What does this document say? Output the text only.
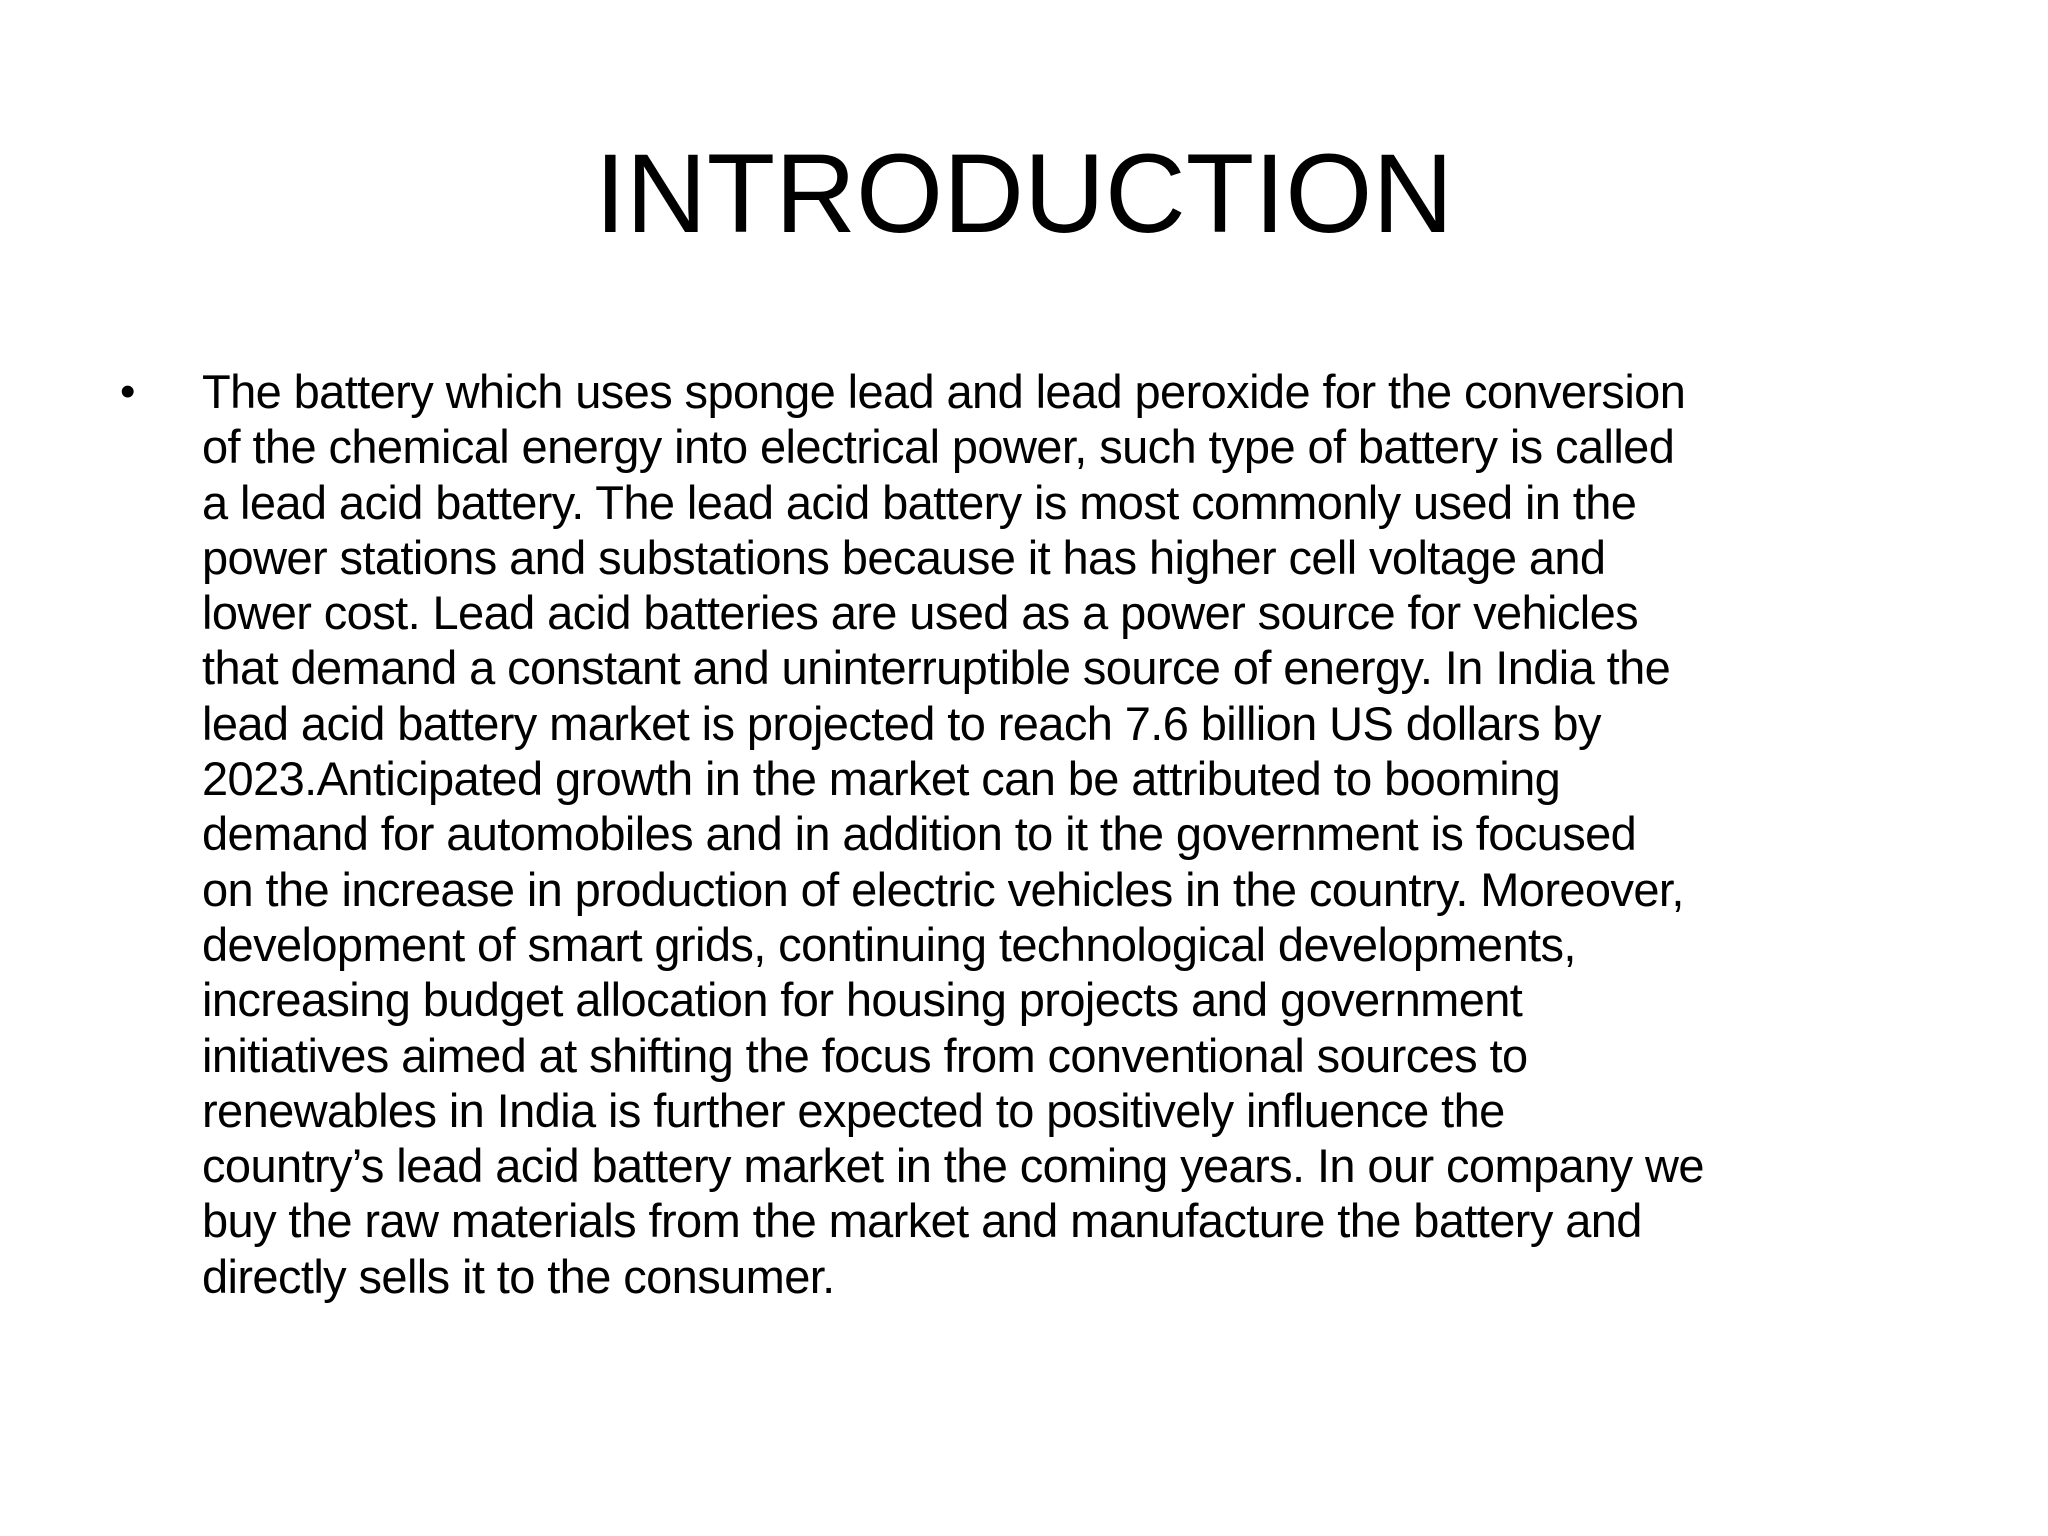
INTRODUCTION
•	The battery which uses sponge lead and lead peroxide for the conversion
of the chemical energy into electrical power, such type of battery is called
a lead acid battery. The lead acid battery is most commonly used in the
power stations and substations because it has higher cell voltage and
lower cost. Lead acid batteries are used as a power source for vehicles
that demand a constant and uninterruptible source of energy. In India the
lead acid battery market is projected to reach 7.6 billion US dollars by
2023.Anticipated growth in the market can be attributed to booming
demand for automobiles and in addition to it the government is focused
on the increase in production of electric vehicles in the country. Moreover,
development of smart grids, continuing technological developments,
increasing budget allocation for housing projects and government
initiatives aimed at shifting the focus from conventional sources to
renewables in India is further expected to positively influence the
country’s lead acid battery market in the coming years. In our company we
buy the raw materials from the market and manufacture the battery and
directly sells it to the consumer.
